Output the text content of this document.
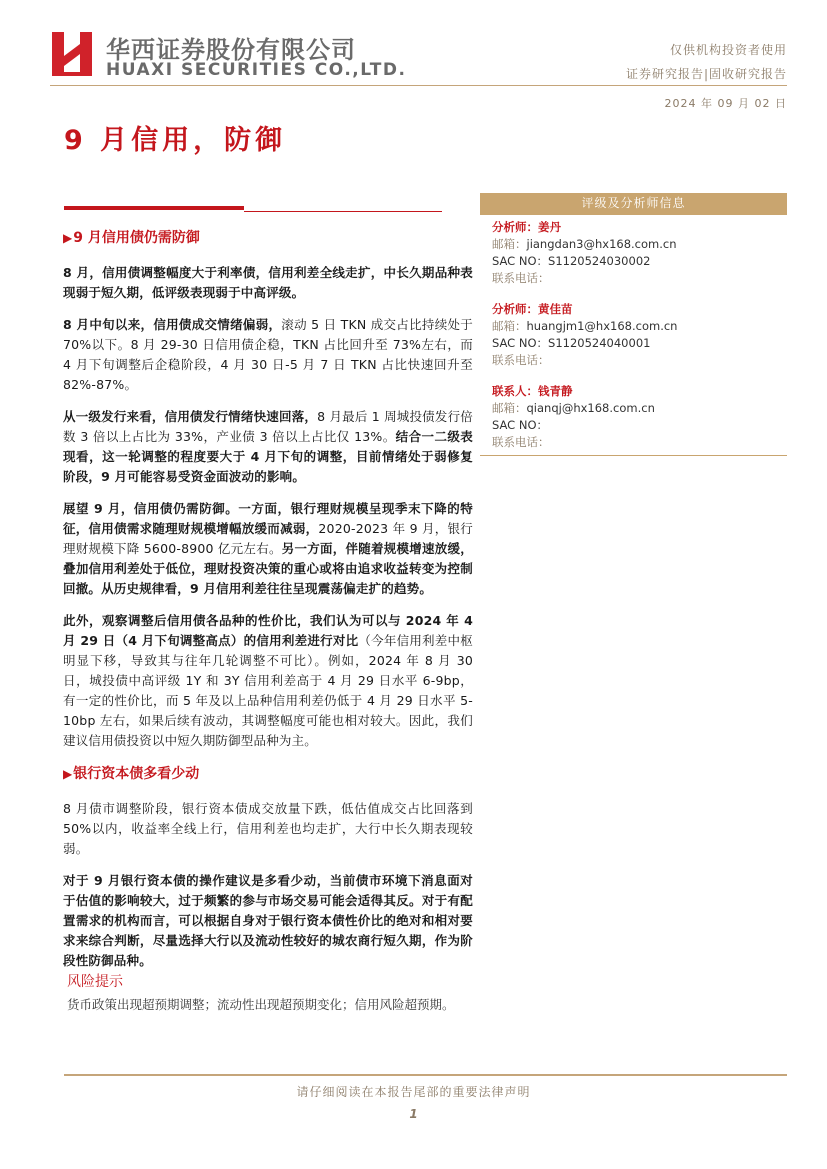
华西证券股份有限公司
HUAXI SECURITIES CO.,LTD.
仅供机构投资者使用
证券研究报告|固收研究报告
2024 年 09 月 02 日
9 月信用，防御
▶9 月信用债仍需防御

8 月，信用债调整幅度大于利率债，信用利差全线走扩，中长久期品种表现弱于短久期，低评级表现弱于中高评级。

8 月中旬以来，信用债成交情绪偏弱，滚动 5 日 TKN 成交占比持续处于 70%以下。8 月 29-30 日信用债企稳，TKN 占比回升至 73%左右，而 4 月下旬调整后企稳阶段，4 月 30 日-5 月 7 日 TKN 占比快速回升至 82%-87%。

从一级发行来看，信用债发行情绪快速回落，8 月最后 1 周城投债发行倍数 3 倍以上占比为 33%，产业债 3 倍以上占比仅 13%。结合一二级表现看，这一轮调整的程度要大于 4 月下旬的调整，目前情绪处于弱修复阶段，9 月可能容易受资金面波动的影响。

展望 9 月，信用债仍需防御。一方面，银行理财规模呈现季末下降的特征，信用债需求随理财规模增幅放缓而减弱，2020-2023 年 9 月，银行理财规模下降 5600-8900 亿元左右。另一方面，伴随着规模增速放缓，叠加信用利差处于低位，理财投资决策的重心或将由追求收益转变为控制回撤。从历史规律看，9 月信用利差往往呈现震荡偏走扩的趋势。

此外，观察调整后信用债各品种的性价比，我们认为可以与 2024 年 4 月 29 日（4 月下旬调整高点）的信用利差进行对比（今年信用利差中枢明显下移，导致其与往年几轮调整不可比）。例如，2024 年 8 月 30 日，城投债中高评级 1Y 和 3Y 信用利差高于 4 月 29 日水平 6-9bp，有一定的性价比，而 5 年及以上品种信用利差仍低于 4 月 29 日水平 5-10bp 左右，如果后续有波动，其调整幅度可能也相对较大。因此，我们建议信用债投资以中短久期防御型品种为主。

▶银行资本债多看少动

8 月债市调整阶段，银行资本债成交放量下跌，低估值成交占比回落到 50%以内，收益率全线上行，信用利差也均走扩，大行中长久期表现较弱。

对于 9 月银行资本债的操作建议是多看少动，当前债市环境下消息面对于估值的影响较大，过于频繁的参与市场交易可能会适得其反。对于有配置需求的机构而言，可以根据自身对于银行资本债性价比的绝对和相对要求来综合判断，尽量选择大行以及流动性较好的城农商行短久期，作为阶段性防御品种。

风险提示
货币政策出现超预期调整；流动性出现超预期变化；信用风险超预期。
评级及分析师信息
分析师：姜丹
邮箱：jiangdan3@hx168.com.cn
SAC NO：S1120524030002
联系电话：
分析师：黄佳苗
邮箱：huangjm1@hx168.com.cn
SAC NO：S1120524040001
联系电话：
联系人：钱青静
邮箱：qianqj@hx168.com.cn
SAC NO：
联系电话：
请仔细阅读在本报告尾部的重要法律声明
1
